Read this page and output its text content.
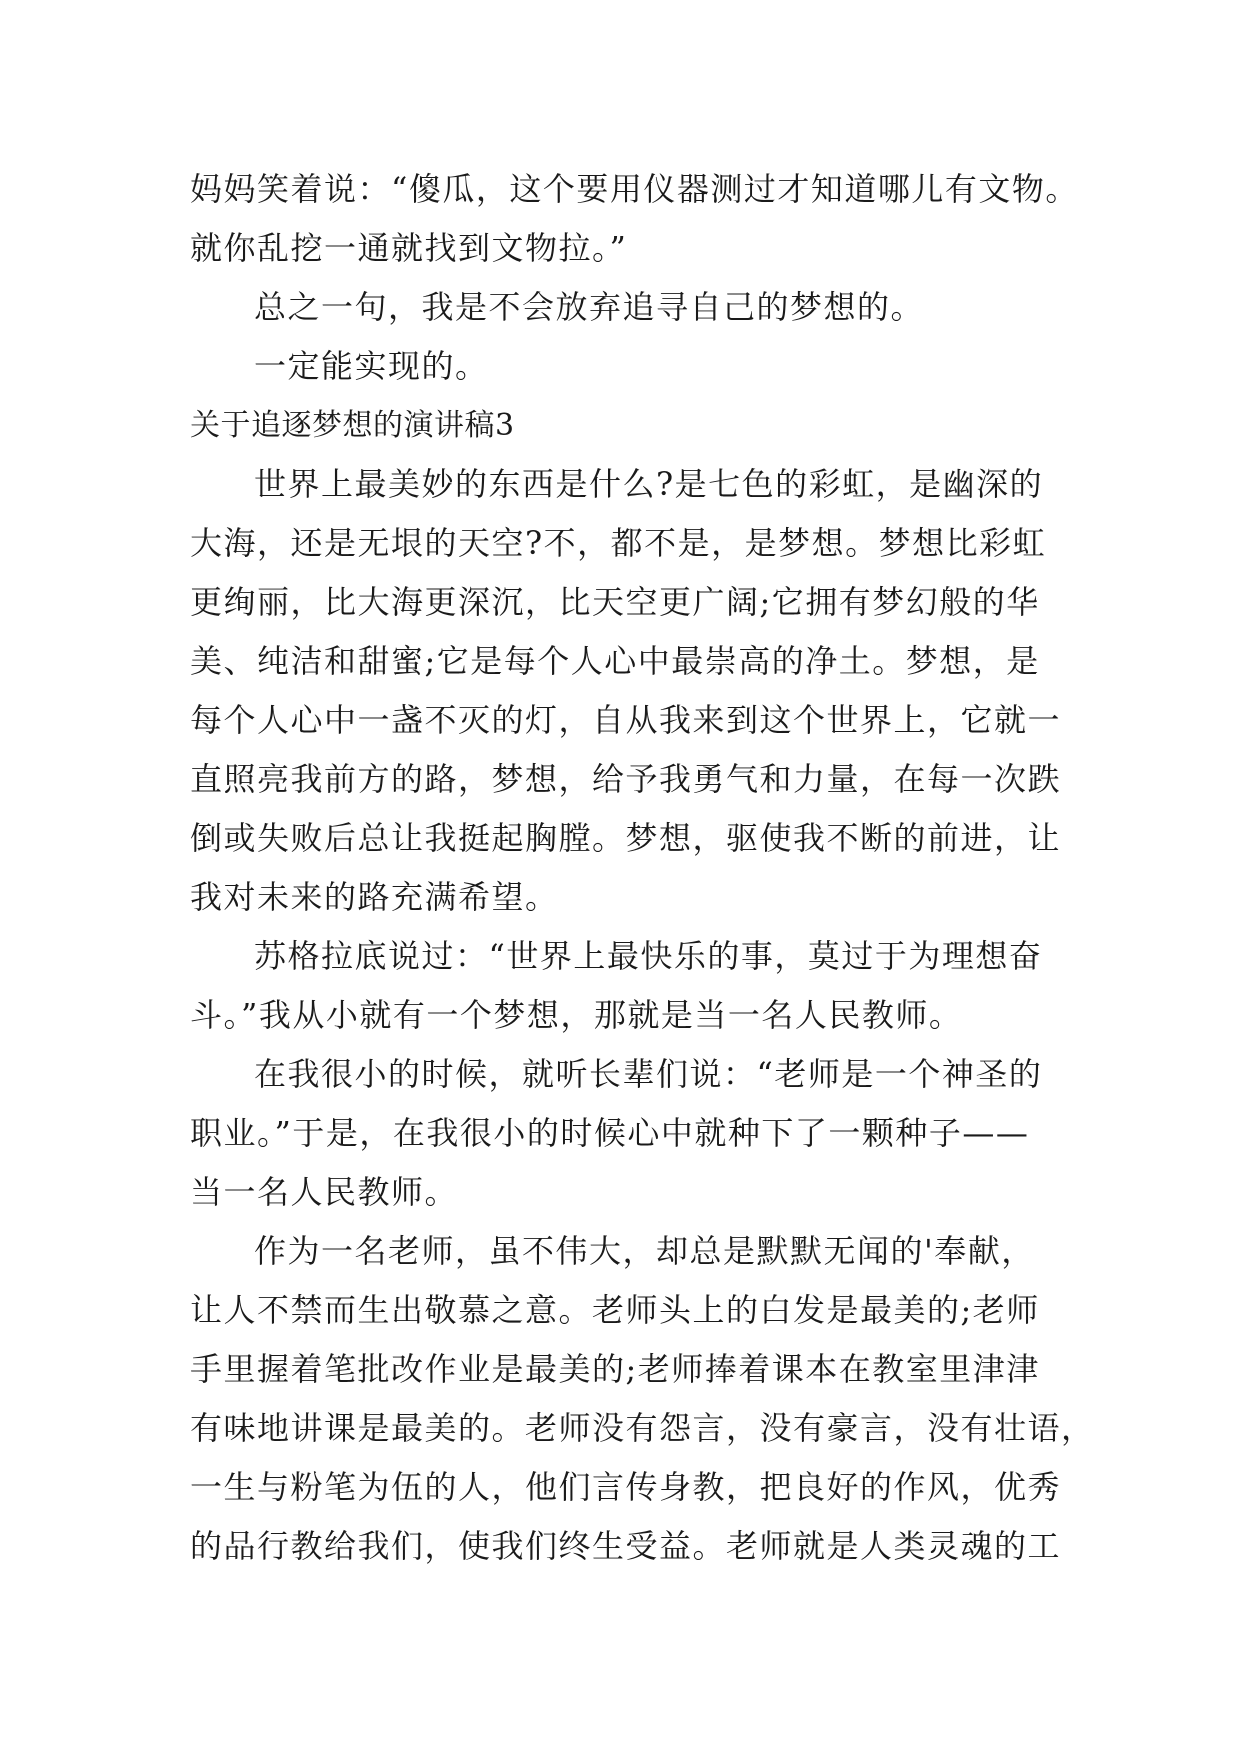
妈妈笑着说：“傻瓜，这个要用仪器测过才知道哪儿有文物。
就你乱挖一通就找到文物拉。”
总之一句，我是不会放弃追寻自己的梦想的。
一定能实现的。
关于追逐梦想的演讲稿3
世界上最美妙的东西是什么?是七色的彩虹，是幽深的
大海，还是无垠的天空?不，都不是，是梦想。梦想比彩虹
更绚丽，比大海更深沉，比天空更广阔;它拥有梦幻般的华
美、纯洁和甜蜜;它是每个人心中最崇高的净土。梦想，是
每个人心中一盏不灭的灯，自从我来到这个世界上，它就一
直照亮我前方的路，梦想，给予我勇气和力量，在每一次跌
倒或失败后总让我挺起胸膛。梦想，驱使我不断的前进，让
我对未来的路充满希望。
苏格拉底说过：“世界上最快乐的事，莫过于为理想奋
斗。”我从小就有一个梦想，那就是当一名人民教师。
在我很小的时候，就听长辈们说：“老师是一个神圣的
职业。”于是，在我很小的时候心中就种下了一颗种子——
当一名人民教师。
作为一名老师，虽不伟大，却总是默默无闻的'奉献，
让人不禁而生出敬慕之意。老师头上的白发是最美的;老师
手里握着笔批改作业是最美的;老师捧着课本在教室里津津
有味地讲课是最美的。老师没有怨言，没有豪言，没有壮语，
一生与粉笔为伍的人，他们言传身教，把良好的作风，优秀
的品行教给我们，使我们终生受益。老师就是人类灵魂的工
